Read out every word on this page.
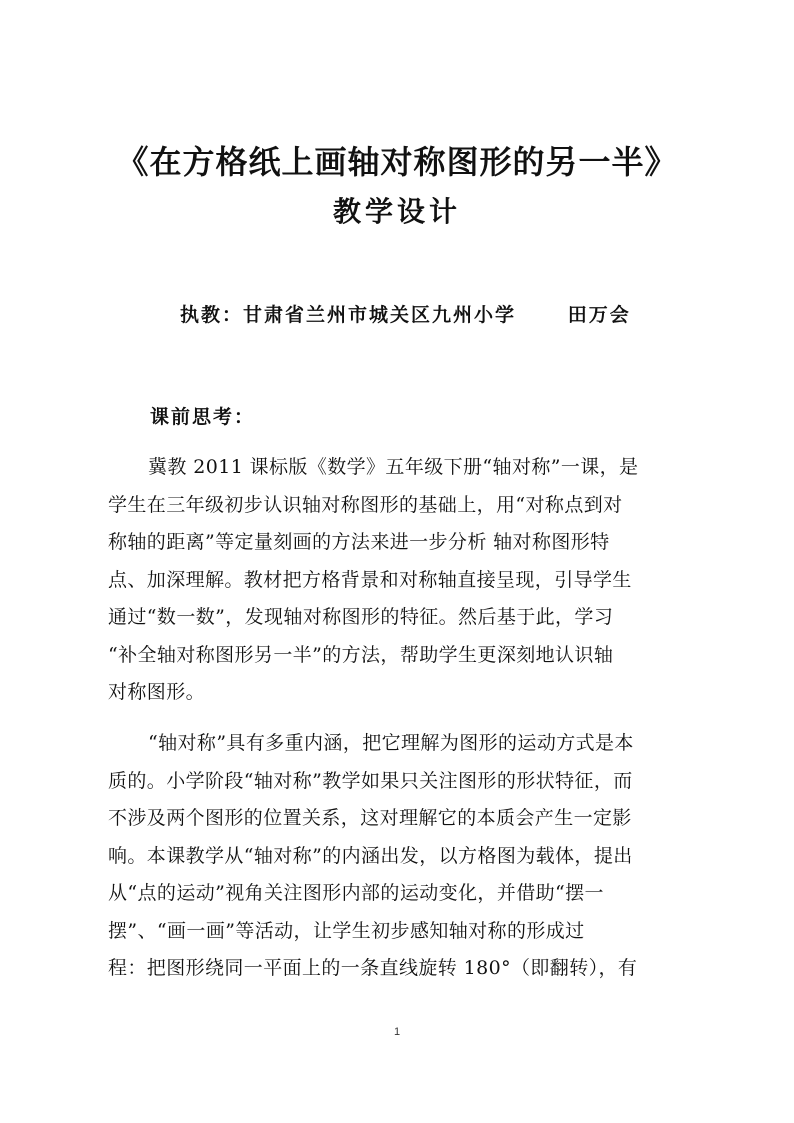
《在方格纸上画轴对称图形的另一半》
教学设计
执教：甘肃省兰州市城关区九州小学      田万会
课前思考：
冀教 2011 课标版《数学》五年级下册“轴对称”一课，是
学生在三年级初步认识轴对称图形的基础上，用“对称点到对
称轴的距离”等定量刻画的方法来进一步分析 轴对称图形特
点、加深理解。教材把方格背景和对称轴直接呈现，引导学生
通过“数一数”，发现轴对称图形的特征。然后基于此，学习
“补全轴对称图形另一半”的方法，帮助学生更深刻地认识轴
对称图形。
“轴对称”具有多重内涵，把它理解为图形的运动方式是本
质的。小学阶段“轴对称”教学如果只关注图形的形状特征，而
不涉及两个图形的位置关系，这对理解它的本质会产生一定影
响。本课教学从“轴对称”的内涵出发，以方格图为载体，提出
从“点的运动”视角关注图形内部的运动变化，并借助“摆一
摆”、“画一画”等活动，让学生初步感知轴对称的形成过
程：把图形绕同一平面上的一条直线旋转 180°（即翻转），有
1
